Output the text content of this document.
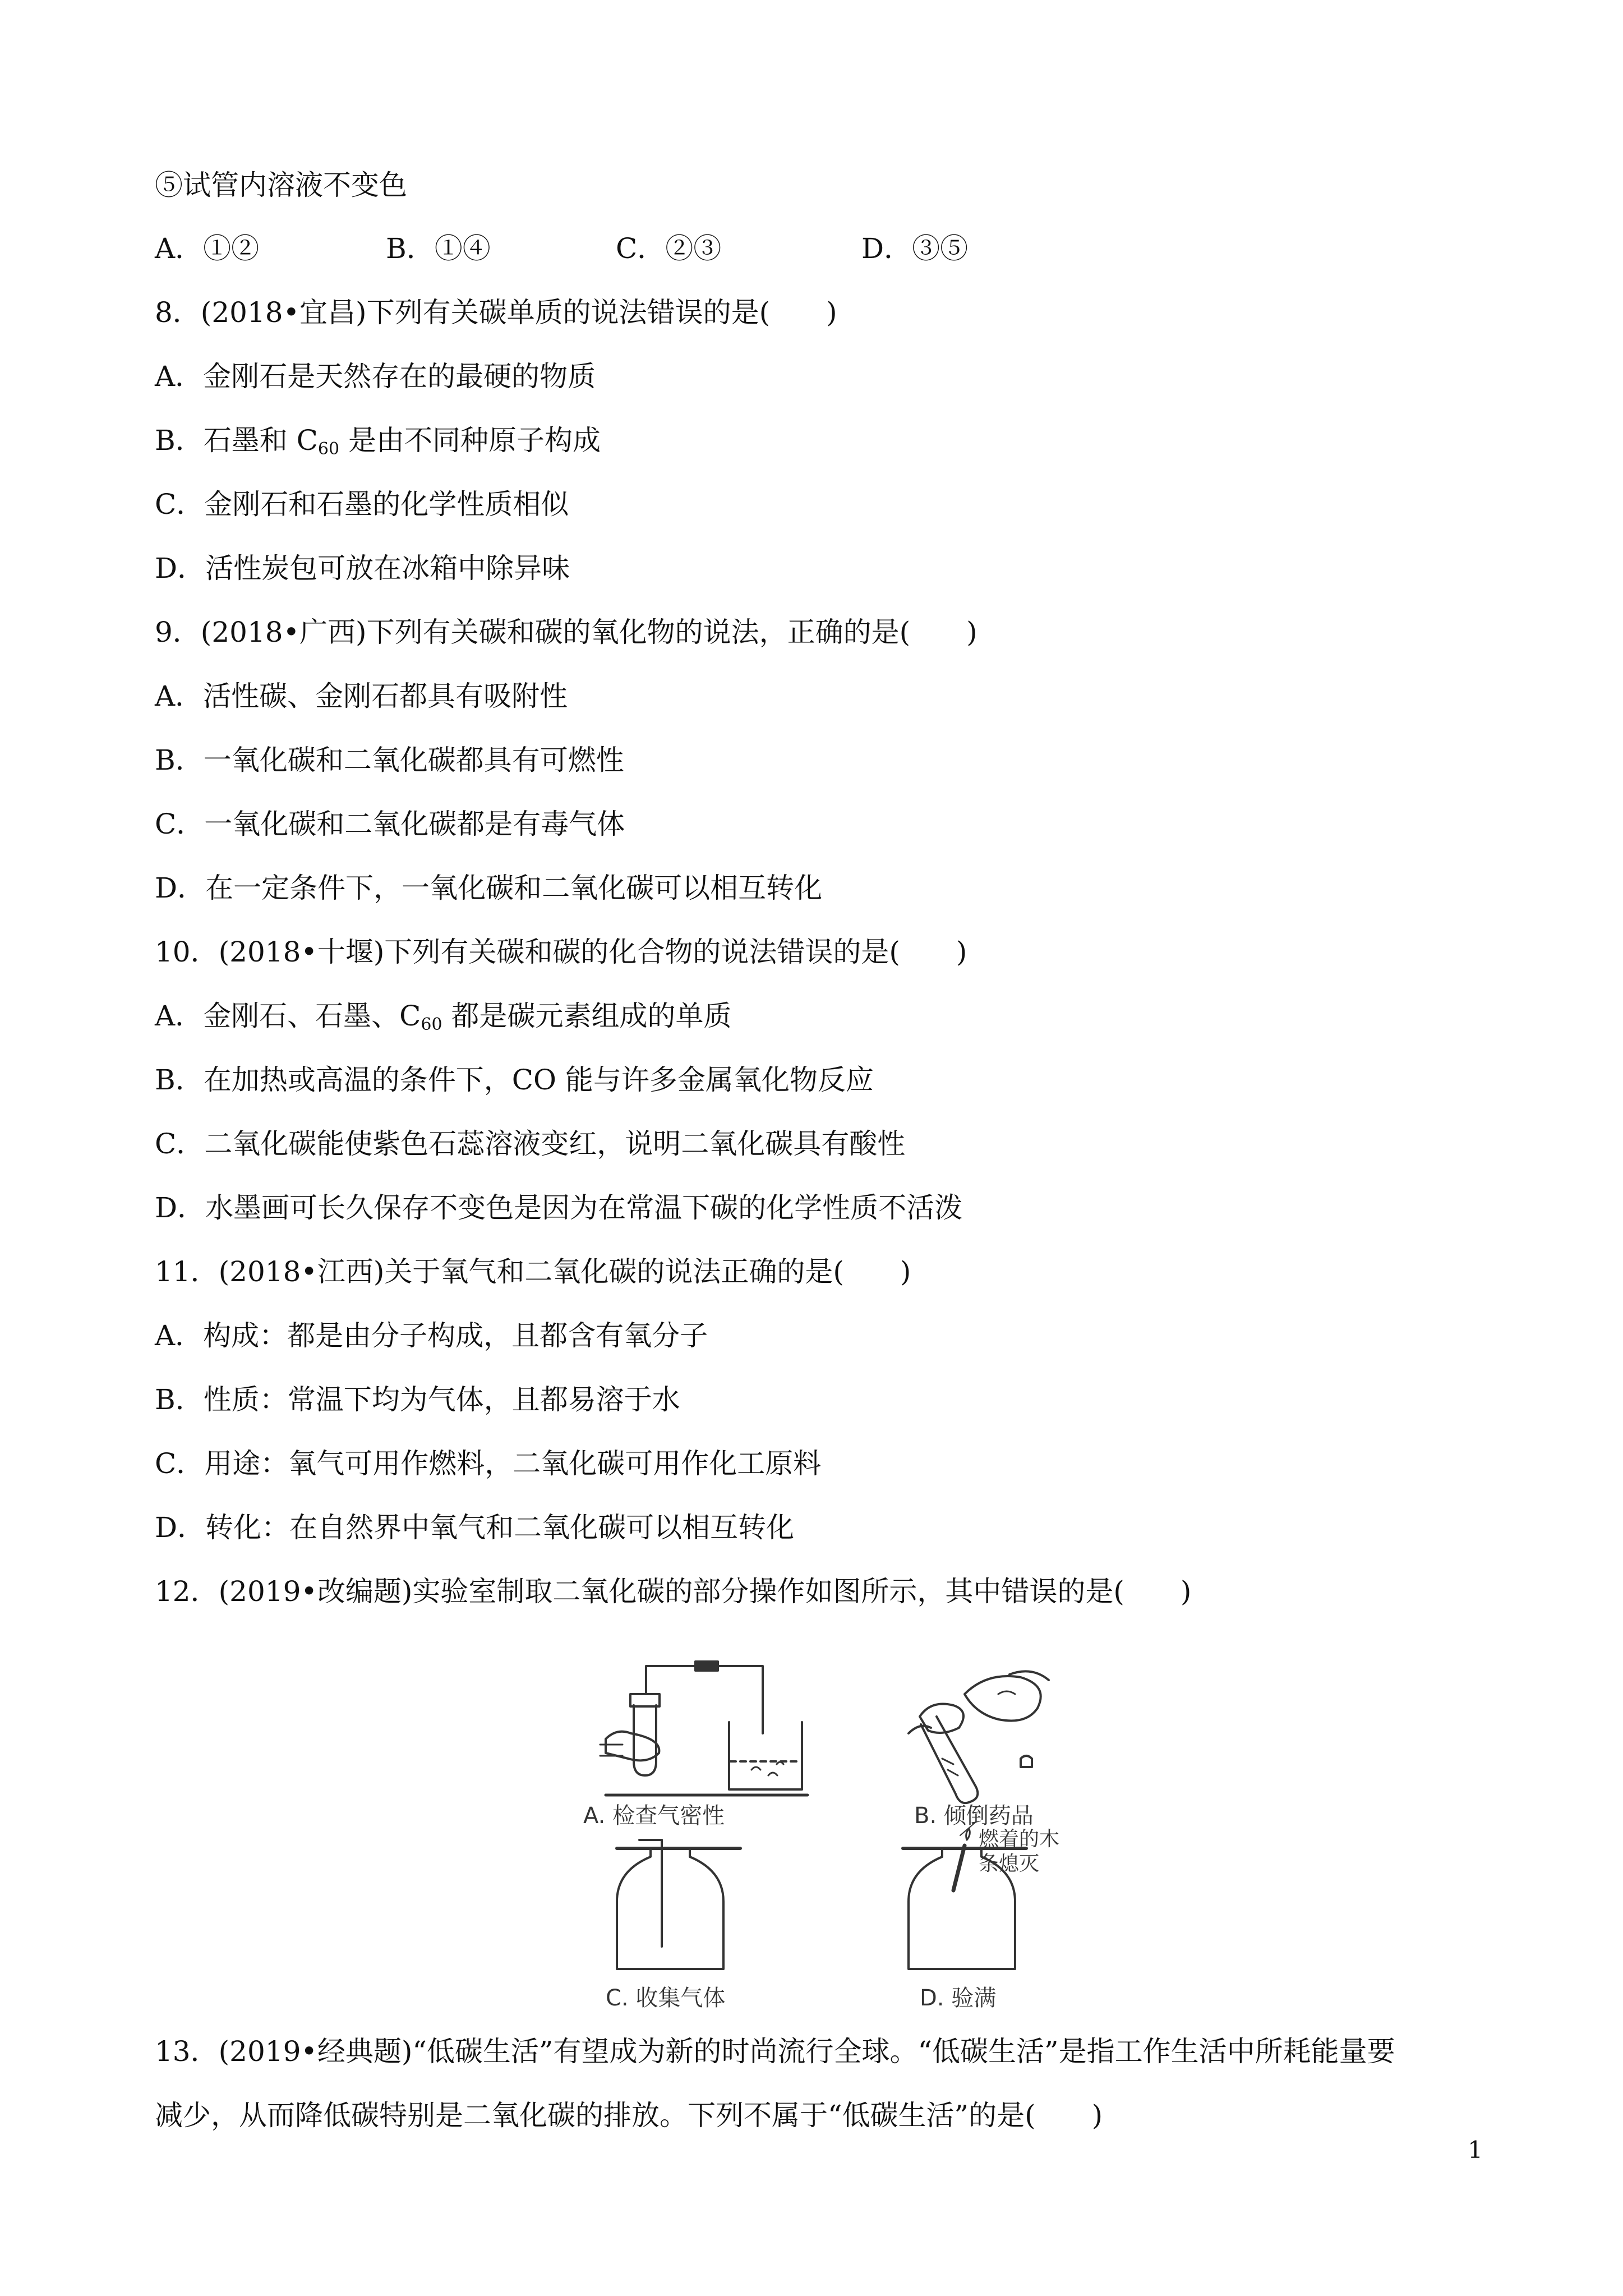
⑤试管内溶液不变色
A．①②	B．①④	C．②③	D．③⑤
8．(2018•宜昌)下列有关碳单质的说法错误的是(　　)
A．金刚石是天然存在的最硬的物质
B．石墨和 $C_{60}$ 是由不同种原子构成
C．金刚石和石墨的化学性质相似
D．活性炭包可放在冰箱中除异味
9．(2018•广西)下列有关碳和碳的氧化物的说法，正确的是(　　)
A．活性碳、金刚石都具有吸附性
B．一氧化碳和二氧化碳都具有可燃性
C．一氧化碳和二氧化碳都是有毒气体
D．在一定条件下，一氧化碳和二氧化碳可以相互转化
10．(2018•十堰)下列有关碳和碳的化合物的说法错误的是(　　)
A．金刚石、石墨、$C_{60}$ 都是碳元素组成的单质
B．在加热或高温的条件下，CO 能与许多金属氧化物反应
C．二氧化碳能使紫色石蕊溶液变红，说明二氧化碳具有酸性
D．水墨画可长久保存不变色是因为在常温下碳的化学性质不活泼
11．(2018•江西)关于氧气和二氧化碳的说法正确的是(　　)
A．构成：都是由分子构成，且都含有氧分子
B．性质：常温下均为气体，且都易溶于水
C．用途：氧气可用作燃料，二氧化碳可用作化工原料
D．转化：在自然界中氧气和二氧化碳可以相互转化
12．(2019•改编题)实验室制取二氧化碳的部分操作如图所示，其中错误的是(　　)
A. 检查气密性	B. 倾倒药品
C. 收集气体
燃着的木
条熄灭
D. 验满
13．(2019•经典题)“低碳生活”有望成为新的时尚流行全球。“低碳生活”是指工作生活中所耗能量要
减少，从而降低碳特别是二氧化碳的排放。下列不属于“低碳生活”的是(　　)
1
